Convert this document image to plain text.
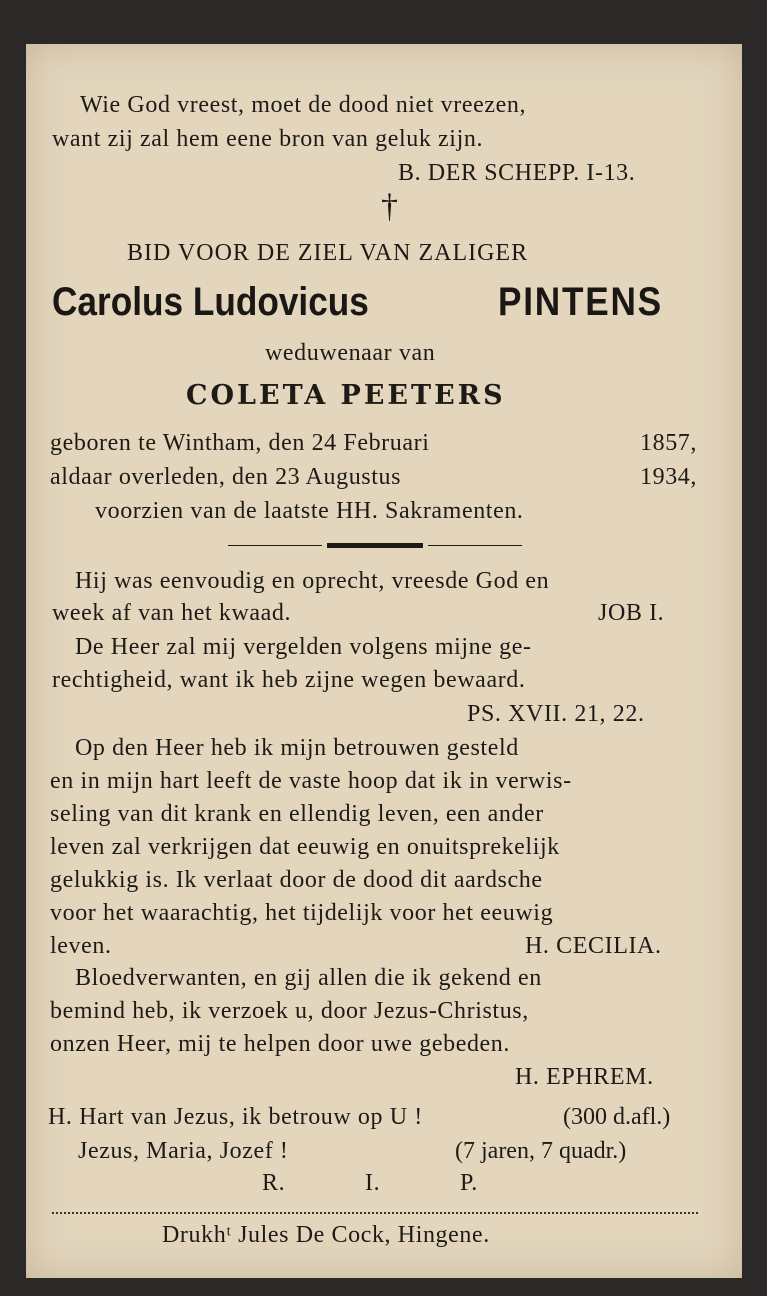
Wie God vreest, moet de dood niet vreezen,
want zij zal hem eene bron van geluk zijn.
B. DER SCHEPP. I-13.
†
BID VOOR DE ZIEL VAN ZALIGER
Carolus Ludovicus	PINTENS
weduwenaar van
COLETA PEETERS
geboren te Wintham, den 24 Februari	1857,
aldaar overleden, den 23 Augustus	1934,
voorzien van de laatste HH. Sakramenten.
Hij was eenvoudig en oprecht, vreesde God en
week af van het kwaad.	JOB I.
De Heer zal mij vergelden volgens mijne ge-
rechtigheid, want ik heb zijne wegen bewaard.
PS. XVII. 21, 22.
Op den Heer heb ik mijn betrouwen gesteld
en in mijn hart leeft de vaste hoop dat ik in verwis-
seling van dit krank en ellendig leven, een ander
leven zal verkrijgen dat eeuwig en onuitsprekelijk
gelukkig is. Ik verlaat door de dood dit aardsche
voor het waarachtig, het tijdelijk voor het eeuwig
leven.	H. CECILIA.
Bloedverwanten, en gij allen die ik gekend en
bemind heb, ik verzoek u, door Jezus-Christus,
onzen Heer, mij te helpen door uwe gebeden.
H. EPHREM.
H. Hart van Jezus, ik betrouw op U !	(300 d.afl.)
Jezus, Maria, Jozef !	(7 jaren, 7 quadr.)
R.	I.	P.
Drukhᵗ Jules De Cock, Hingene.
